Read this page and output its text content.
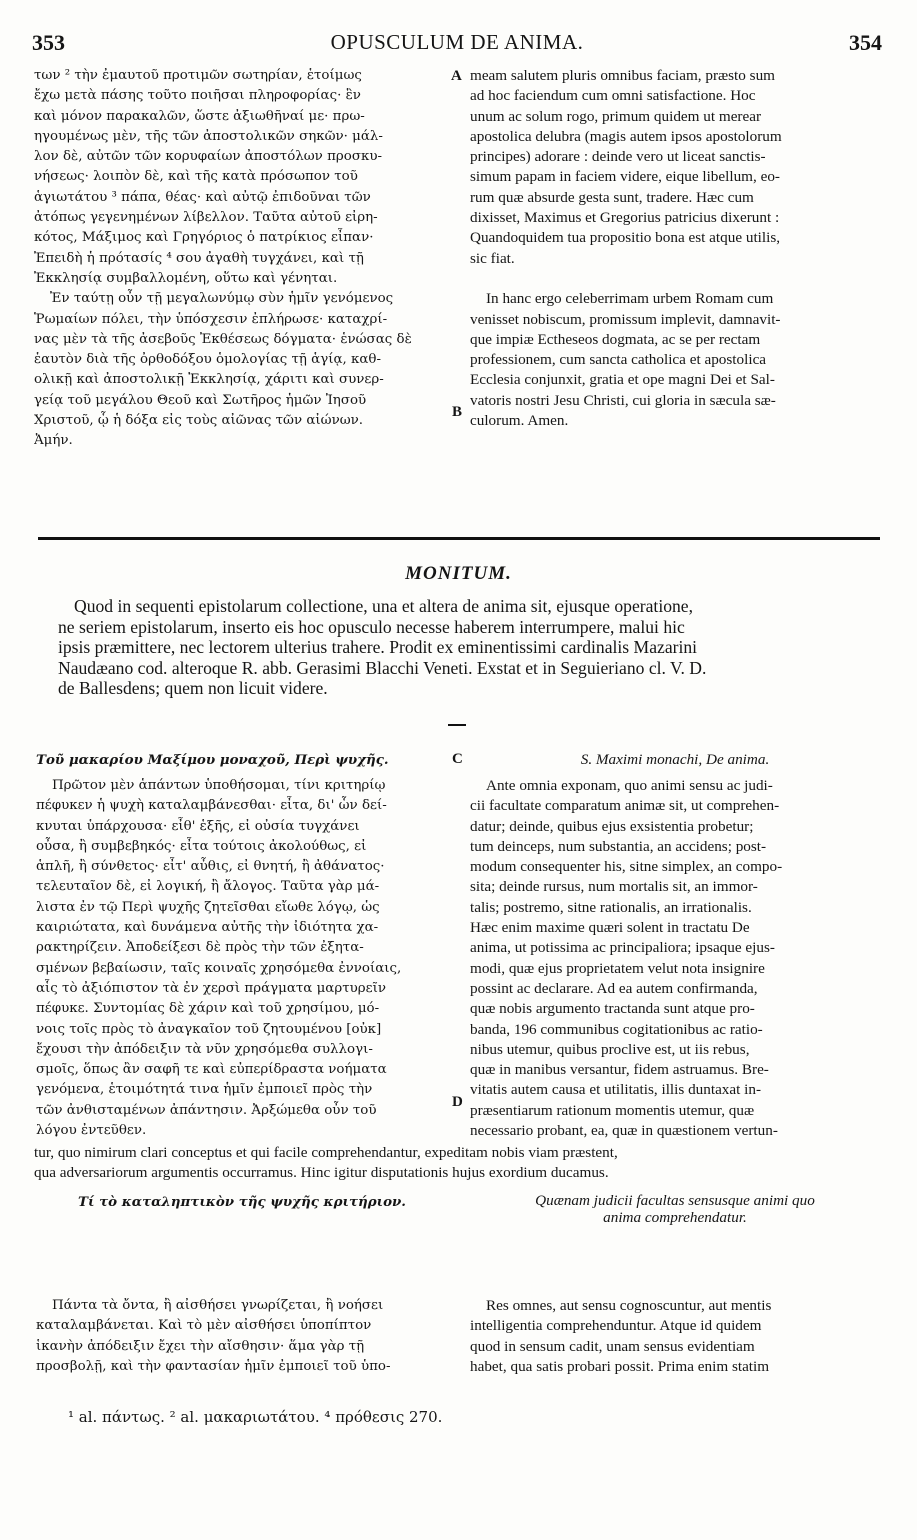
353	OPUSCULUM DE ANIMA.	354
των ² τὴν ἐμαυτοῦ προτιμῶν σωτηρίαν, ἑτοίμως
ἔχω μετὰ πάσης τοῦτο ποιῆσαι πληροφορίας· ἓν
καὶ μόνον παρακαλῶν, ὥστε ἀξιωθῆναί με· πρω-
ηγουμένως μὲν, τῆς τῶν ἀποστολικῶν σηκῶν· μάλ-
λον δὲ, αὐτῶν τῶν κορυφαίων ἀποστόλων προσκυ-
νήσεως· λοιπὸν δὲ, καὶ τῆς κατὰ πρόσωπον τοῦ
ἁγιωτάτου ³ πάπα, θέας· καὶ αὐτῷ ἐπιδοῦναι τῶν
ἀτόπως γεγενημένων λίβελλον. Ταῦτα αὐτοῦ εἰρη-
κότος, Μάξιμος καὶ Γρηγόριος ὁ πατρίκιος εἶπαν·
Ἐπειδὴ ἡ πρότασίς ⁴ σου ἀγαθὴ τυγχάνει, καὶ τῇ
Ἐκκλησίᾳ συμβαλλομένη, οὕτω καὶ γένηται.
Ἐν ταύτῃ οὖν τῇ μεγαλωνύμῳ σὺν ἡμῖν γενόμενος
Ῥωμαίων πόλει, τὴν ὑπόσχεσιν ἐπλήρωσε· καταχρί-
νας μὲν τὰ τῆς ἀσεβοῦς Ἐκθέσεως δόγματα· ἑνώσας δὲ
ἑαυτὸν διὰ τῆς ὀρθοδόξου ὁμολογίας τῇ ἁγίᾳ, καθ-
ολικῇ καὶ ἀποστολικῇ Ἐκκλησίᾳ, χάριτι καὶ συνερ-
γείᾳ τοῦ μεγάλου Θεοῦ καὶ Σωτῆρος ἡμῶν Ἰησοῦ
Χριστοῦ, ᾧ ἡ δόξα εἰς τοὺς αἰῶνας τῶν αἰώνων.
Ἀμήν.
A meam salutem pluris omnibus faciam, præsto sum
ad hoc faciendum cum omni satisfactione. Hoc
unum ac solum rogo, primum quidem ut merear
apostolica delubra (magis autem ipsos apostolorum
principes) adorare : deinde vero ut liceat sanctis-
simum papam in faciem videre, eique libellum, eo-
rum quæ absurde gesta sunt, tradere. Hæc cum
dixisset, Maximus et Gregorius patricius dixerunt :
Quandoquidem tua propositio bona est atque utilis,
sic fiat.

In hanc ergo celeberrimam urbem Romam cum
venisset nobiscum, promissum implevit, damnavit-
que impiæ Ectheseos dogmata, ac se per rectam
professionem, cum sancta catholica et apostolica
Ecclesia conjunxit, gratia et ope magni Dei et Sal-
vatoris nostri Jesu Christi, cui gloria in sæcula sæ-
culorum. Amen.
B
MONITUM.
Quod in sequenti epistolarum collectione, una et altera de anima sit, ejusque operatione,
ne seriem epistolarum, inserto eis hoc opusculo necesse haberem interrumpere, malui hic
ipsis præmittere, nec lectorem ulterius trahere. Prodit ex eminentissimi cardinalis Mazarini
Naudæano cod. alteroque R. abb. Gerasimi Blacchi Veneti. Exstat et in Seguieriano cl. V. D.
de Ballesdens; quem non licuit videre.
Τοῦ μακαρίου Μαξίμου μοναχοῦ, Περὶ ψυχῆς.	C	S. Maximi monachi, De anima.
Πρῶτον μὲν ἁπάντων ὑποθήσομαι, τίνι κριτηρίῳ
πέφυκεν ἡ ψυχὴ καταλαμβάνεσθαι· εἶτα, δι' ὧν δεί-
κνυται ὑπάρχουσα· εἶθ' ἑξῆς, εἰ οὐσία τυγχάνει
οὖσα, ἢ συμβεβηκός· εἶτα τούτοις ἀκολούθως, εἰ
ἁπλῆ, ἢ σύνθετος· εἶτ' αὖθις, εἰ θνητή, ἢ ἀθάνατος·
τελευταῖον δὲ, εἰ λογική, ἢ ἄλογος. Ταῦτα γὰρ μά-
λιστα ἐν τῷ Περὶ ψυχῆς ζητεῖσθαι εἴωθε λόγῳ, ὡς
καιριώτατα, καὶ δυνάμενα αὐτῆς τὴν ἰδιότητα χα-
ρακτηρίζειν. Ἀποδείξεσι δὲ πρὸς τὴν τῶν ἐξητα-
σμένων βεβαίωσιν, ταῖς κοιναῖς χρησόμεθα ἐννοίαις,
αἷς τὸ ἀξιόπιστον τὰ ἐν χερσὶ πράγματα μαρτυρεῖν
πέφυκε. Συντομίας δὲ χάριν καὶ τοῦ χρησίμου, μό-
νοις τοῖς πρὸς τὸ ἀναγκαῖον τοῦ ζητουμένου [οὐκ]
ἔχουσι τὴν ἀπόδειξιν τὰ νῦν χρησόμεθα συλλογι-
σμοῖς, ὅπως ἂν σαφῆ τε καὶ εὐπερίδραστα νοήματα
γενόμενα, ἑτοιμότητά τινα ἡμῖν ἐμποιεῖ πρὸς τὴν
τῶν ἀνθισταμένων ἀπάντησιν. Ἀρξώμεθα οὖν τοῦ
λόγου ἐντεῦθεν.
D
Ante omnia exponam, quo animi sensu ac judi-
cii facultate comparatum animæ sit, ut comprehen-
datur; deinde, quibus ejus exsistentia probetur;
tum deinceps, num substantia, an accidens; post-
modum consequenter his, sitne simplex, an compo-
sita; deinde rursus, num mortalis sit, an immor-
talis; postremo, sitne rationalis, an irrationalis.
Hæc enim maxime quæri solent in tractatu De
anima, ut potissima ac principaliora; ipsaque ejus-
modi, quæ ejus proprietatem velut nota insignire
possint ac declarare. Ad ea autem confirmanda,
quæ nobis argumento tractanda sunt atque pro-
banda, 196 communibus cogitationibus ac ratio-
nibus utemur, quibus proclive est, ut iis rebus,
quæ in manibus versantur, fidem astruamus. Bre-
vitatis autem causa et utilitatis, illis duntaxat in-
præsentiarum rationum momentis utemur, quæ
necessario probant, ea, quæ in quæstionem vertun-
tur, quo nimirum clari conceptus et qui facile comprehendantur, expeditam nobis viam præstent,
qua adversariorum argumentis occurramus. Hinc igitur disputationis hujus exordium ducamus.
Τί τὸ καταληπτικὸν τῆς ψυχῆς κριτήριον.	Quænam judicii facultas sensusque animi quo
anima comprehendatur.
Πάντα τὰ ὄντα, ἢ αἰσθήσει γνωρίζεται, ἢ νοήσει
καταλαμβάνεται. Καὶ τὸ μὲν αἰσθήσει ὑποπίπτον
ἱκανὴν ἀπόδειξιν ἔχει τὴν αἴσθησιν· ἅμα γὰρ τῇ
προσβολῇ, καὶ τὴν φαντασίαν ἡμῖν ἐμποιεῖ τοῦ ὑπο-
Res omnes, aut sensu cognoscuntur, aut mentis
intelligentia comprehenduntur. Atque id quidem
quod in sensum cadit, unam sensus evidentiam
habet, qua satis probari possit. Prima enim statim
¹ al. πάντως. ² al. μακαριωτάτου. ⁴ πρόθεσις 270.
